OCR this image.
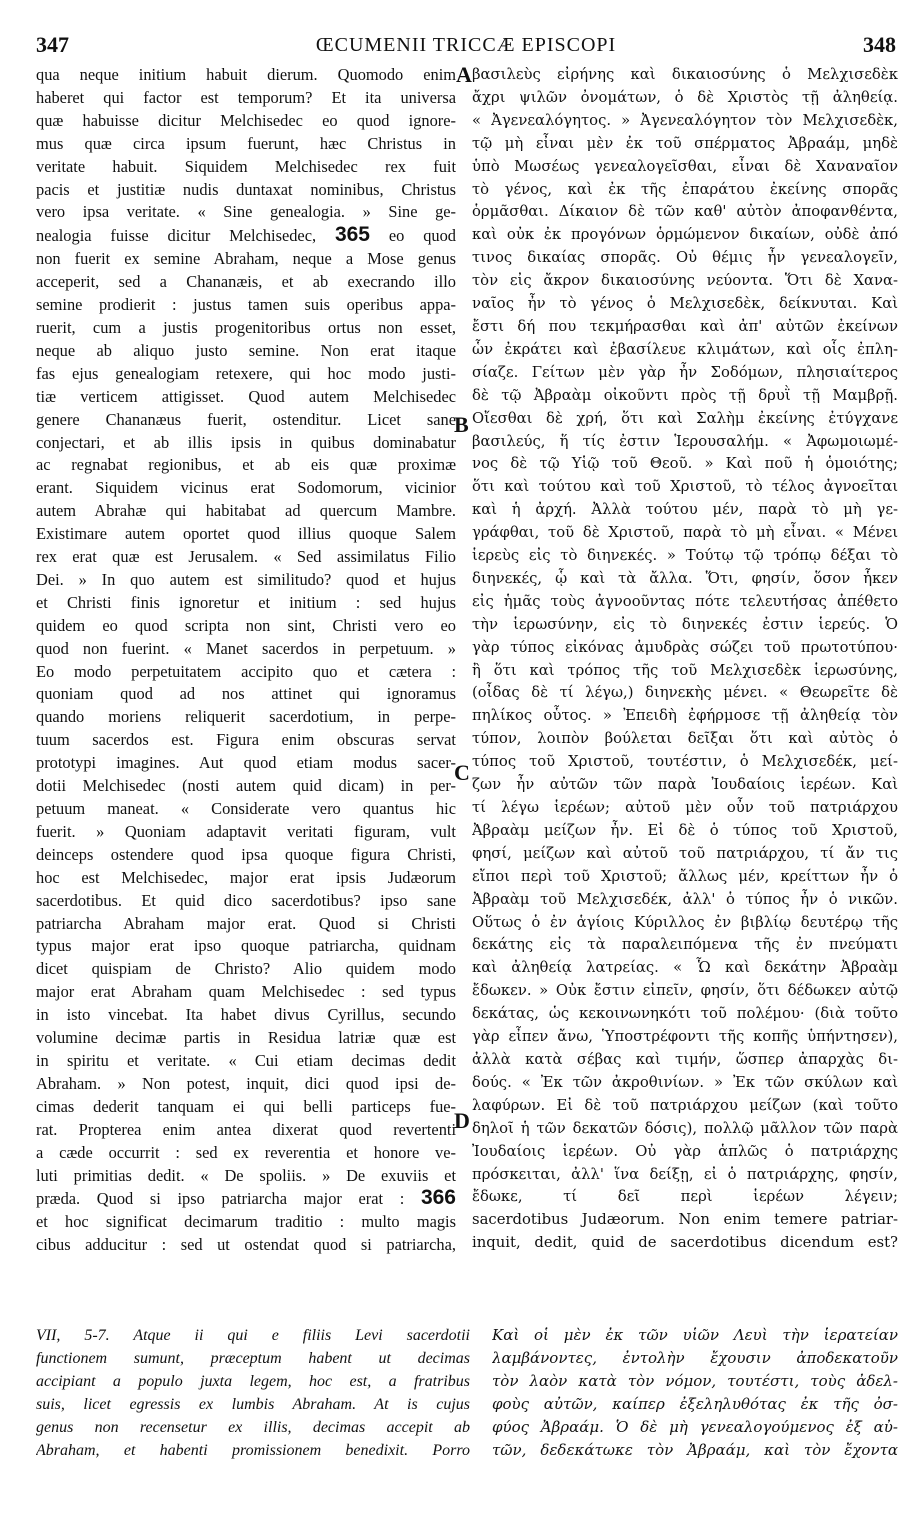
347	ŒCUMENII TRICCÆ EPISCOPI	348
qua neque initium habuit dierum. Quomodo enim
haberet qui factor est temporum? Et ita universa
quæ habuisse dicitur Melchisedec eo quod ignore-
mus quæ circa ipsum fuerunt, hæc Christus in
veritate habuit. Siquidem Melchisedec rex fuit
pacis et justitiæ nudis duntaxat nominibus, Christus
vero ipsa veritate. « Sine genealogia. » Sine ge-
nealogia fuisse dicitur Melchisedec, 365 eo quod
non fuerit ex semine Abraham, neque a Mose genus
acceperit, sed a Chananæis, et ab execrando illo
semine prodierit : justus tamen suis operibus appa-
ruerit, cum a justis progenitoribus ortus non esset,
neque ab aliquo justo semine. Non erat itaque
fas ejus genealogiam retexere, qui hoc modo justi-
tiæ verticem attigisset. Quod autem Melchisedec
genere Chananæus fuerit, ostenditur. Licet sane
conjectari, et ab illis ipsis in quibus dominabatur
ac regnabat regionibus, et ab eis quæ proximæ
erant. Siquidem vicinus erat Sodomorum, vicinior
autem Abrahæ qui habitabat ad quercum Mambre.
Existimare autem oportet quod illius quoque Salem
rex erat quæ est Jerusalem. « Sed assimilatus Filio
Dei. » In quo autem est similitudo? quod et hujus
et Christi finis ignoretur et initium : sed hujus
quidem eo quod scripta non sint, Christi vero eo
quod non fuerint. « Manet sacerdos in perpetuum. »
Eo modo perpetuitatem accipito quo et cætera :
quoniam quod ad nos attinet qui ignoramus
quando moriens reliquerit sacerdotium, in perpe-
tuum sacerdos est. Figura enim obscuras servat
prototypi imagines. Aut quod etiam modus sacer-
dotii Melchisedec (nosti autem quid dicam) in per-
petuum maneat. « Considerate vero quantus hic
fuerit. » Quoniam adaptavit veritati figuram, vult
deinceps ostendere quod ipsa quoque figura Christi,
hoc est Melchisedec, major erat ipsis Judæorum
sacerdotibus. Et quid dico sacerdotibus? ipso sane
patriarcha Abraham major erat. Quod si Christi
typus major erat ipso quoque patriarcha, quidnam
dicet quispiam de Christo? Alio quidem modo
major erat Abraham quam Melchisedec : sed typus
in isto vincebat. Ita habet divus Cyrillus, secundo
volumine decimæ partis in Residua latriæ quæ est
in spiritu et veritate. « Cui etiam decimas dedit
Abraham. » Non potest, inquit, dici quod ipsi de-
cimas dederit tanquam ei qui belli particeps fue-
rat. Propterea enim antea dixerat quod revertenti
a cæde occurrit : sed ex reverentia et honore ve-
luti primitias dedit. « De spoliis. » De exuviis et
præda. Quod si ipso patriarcha major erat : 366
et hoc significat decimarum traditio : multo magis
cibus adducitur : sed ut ostendat quod si patriarcha,
βασιλεὺς εἰρήνης καὶ δικαιοσύνης ὁ Μελχισεδὲκ
ἄχρι ψιλῶν ὀνομάτων, ὁ δὲ Χριστὸς τῇ ἀληθείᾳ.
« Ἀγενεαλόγητος. » Ἀγενεαλόγητον τὸν Μελχισεδὲκ,
τῷ μὴ εἶναι μὲν ἐκ τοῦ σπέρματος Ἀβραάμ, μηδὲ
ὑπὸ Μωσέως γενεαλογεῖσθαι, εἶναι δὲ Χαναναῖον
τὸ γένος, καὶ ἐκ τῆς ἐπαράτου ἐκείνης σπορᾶς
ὁρμᾶσθαι. Δίκαιον δὲ τῶν καθ' αὐτὸν ἀποφανθέντα,
καὶ οὐκ ἐκ προγόνων ὁρμώμενον δικαίων, οὐδὲ ἀπό
τινος δικαίας σπορᾶς. Οὐ θέμις ἦν γενεαλογεῖν,
τὸν εἰς ἄκρον δικαιοσύνης νεύοντα. Ὅτι δὲ Χανα-
ναῖος ἦν τὸ γένος ὁ Μελχισεδὲκ, δείκνυται. Καὶ
ἔστι δή που τεκμήρασθαι καὶ ἀπ' αὐτῶν ἐκείνων
ὧν ἐκράτει καὶ ἐβασίλευε κλιμάτων, καὶ οἷς ἐπλη-
σίαζε. Γείτων μὲν γὰρ ἦν Σοδόμων, πλησιαίτερος
δὲ τῷ Ἀβραὰμ οἰκοῦντι πρὸς τῇ δρυῒ τῇ Μαμβρῇ.
Οἴεσθαι δὲ χρή, ὅτι καὶ Σαλὴμ ἐκείνης ἐτύγχανε
βασιλεύς, ἥ τίς ἐστιν Ἱερουσαλήμ. « Ἀφωμοιωμέ-
νος δὲ τῷ Υἱῷ τοῦ Θεοῦ. » Καὶ ποῦ ἡ ὁμοιότης;
ὅτι καὶ τούτου καὶ τοῦ Χριστοῦ, τὸ τέλος ἀγνοεῖται
καὶ ἡ ἀρχή. Ἀλλὰ τούτου μέν, παρὰ τὸ μὴ γε-
γράφθαι, τοῦ δὲ Χριστοῦ, παρὰ τὸ μὴ εἶναι. « Μένει
ἱερεὺς εἰς τὸ διηνεκές. » Τούτῳ τῷ τρόπῳ δέξαι τὸ
διηνεκές, ᾧ καὶ τὰ ἄλλα. Ὅτι, φησίν, ὅσον ἧκεν
εἰς ἡμᾶς τοὺς ἀγνοοῦντας πότε τελευτήσας ἀπέθετο
τὴν ἱερωσύνην, εἰς τὸ διηνεκές ἐστιν ἱερεύς. Ὁ
γὰρ τύπος εἰκόνας ἀμυδρὰς σώζει τοῦ πρωτοτύπου·
ἢ ὅτι καὶ τρόπος τῆς τοῦ Μελχισεδὲκ ἱερωσύνης,
(οἶδας δὲ τί λέγω,) διηνεκὴς μένει. « Θεωρεῖτε δὲ
πηλίκος οὗτος. » Ἐπειδὴ ἐφήρμοσε τῇ ἀληθείᾳ τὸν
τύπον, λοιπὸν βούλεται δεῖξαι ὅτι καὶ αὐτὸς ὁ
τύπος τοῦ Χριστοῦ, τουτέστιν, ὁ Μελχισεδέκ, μεί-
ζων ἦν αὐτῶν τῶν παρὰ Ἰουδαίοις ἱερέων. Καὶ
τί λέγω ἱερέων; αὐτοῦ μὲν οὖν τοῦ πατριάρχου
Ἀβραὰμ μείζων ἦν. Εἰ δὲ ὁ τύπος τοῦ Χριστοῦ,
φησί, μείζων καὶ αὐτοῦ τοῦ πατριάρχου, τί ἄν τις
εἴποι περὶ τοῦ Χριστοῦ; ἄλλως μέν, κρείττων ἦν ὁ
Ἀβραὰμ τοῦ Μελχισεδέκ, ἀλλ' ὁ τύπος ἦν ὁ νικῶν.
Οὕτως ὁ ἐν ἁγίοις Κύριλλος ἐν βιβλίῳ δευτέρῳ τῆς
δεκάτης εἰς τὰ παραλειπόμενα τῆς ἐν πνεύματι
καὶ ἀληθείᾳ λατρείας. « Ὧ καὶ δεκάτην Ἀβραὰμ
ἔδωκεν. » Οὐκ ἔστιν εἰπεῖν, φησίν, ὅτι δέδωκεν αὐτῷ
δεκάτας, ὡς κεκοινωνηκότι τοῦ πολέμου· (διὰ τοῦτο
γὰρ εἶπεν ἄνω, Ὑποστρέφοντι τῆς κοπῆς ὑπήντησεν),
ἀλλὰ κατὰ σέβας καὶ τιμήν, ὥσπερ ἀπαρχὰς δι-
δούς. « Ἐκ τῶν ἀκροθινίων. » Ἐκ τῶν σκύλων καὶ
λαφύρων. Εἰ δὲ τοῦ πατριάρχου μείζων (καὶ τοῦτο
δηλοῖ ἡ τῶν δεκατῶν δόσις), πολλῷ μᾶλλον τῶν παρὰ
Ἰουδαίοις ἱερέων. Οὐ γὰρ ἁπλῶς ὁ πατριάρχης
πρόσκειται, ἀλλ' ἵνα δείξῃ, εἰ ὁ πατριάρχης, φησίν,
ἔδωκε, τί δεῖ περὶ ἱερέων λέγειν;
sacerdotibus Judæorum. Non enim temere patriar-
inquit, dedit, quid de sacerdotibus dicendum est?
A
B
C
D
VII, 5-7. Atque ii qui e filiis Levi sacerdotii
functionem sumunt, præceptum habent ut decimas
accipiant a populo juxta legem, hoc est, a fratribus
suis, licet egressis ex lumbis Abraham. At is cujus
genus non recensetur ex illis, decimas accepit ab
Abraham, et habenti promissionem benedixit. Porro
Καὶ οἱ μὲν ἐκ τῶν υἱῶν Λευὶ τὴν ἱερατείαν
λαμβάνοντες, ἐντολὴν ἔχουσιν ἀποδεκατοῦν
τὸν λαὸν κατὰ τὸν νόμον, τουτέστι, τοὺς ἀδελ-
φοὺς αὐτῶν, καίπερ ἐξεληλυθότας ἐκ τῆς ὀσ-
φύος Ἀβραάμ. Ὁ δὲ μὴ γενεαλογούμενος ἐξ αὐ-
τῶν, δεδεκάτωκε τὸν Ἀβραάμ, καὶ τὸν ἔχοντα
